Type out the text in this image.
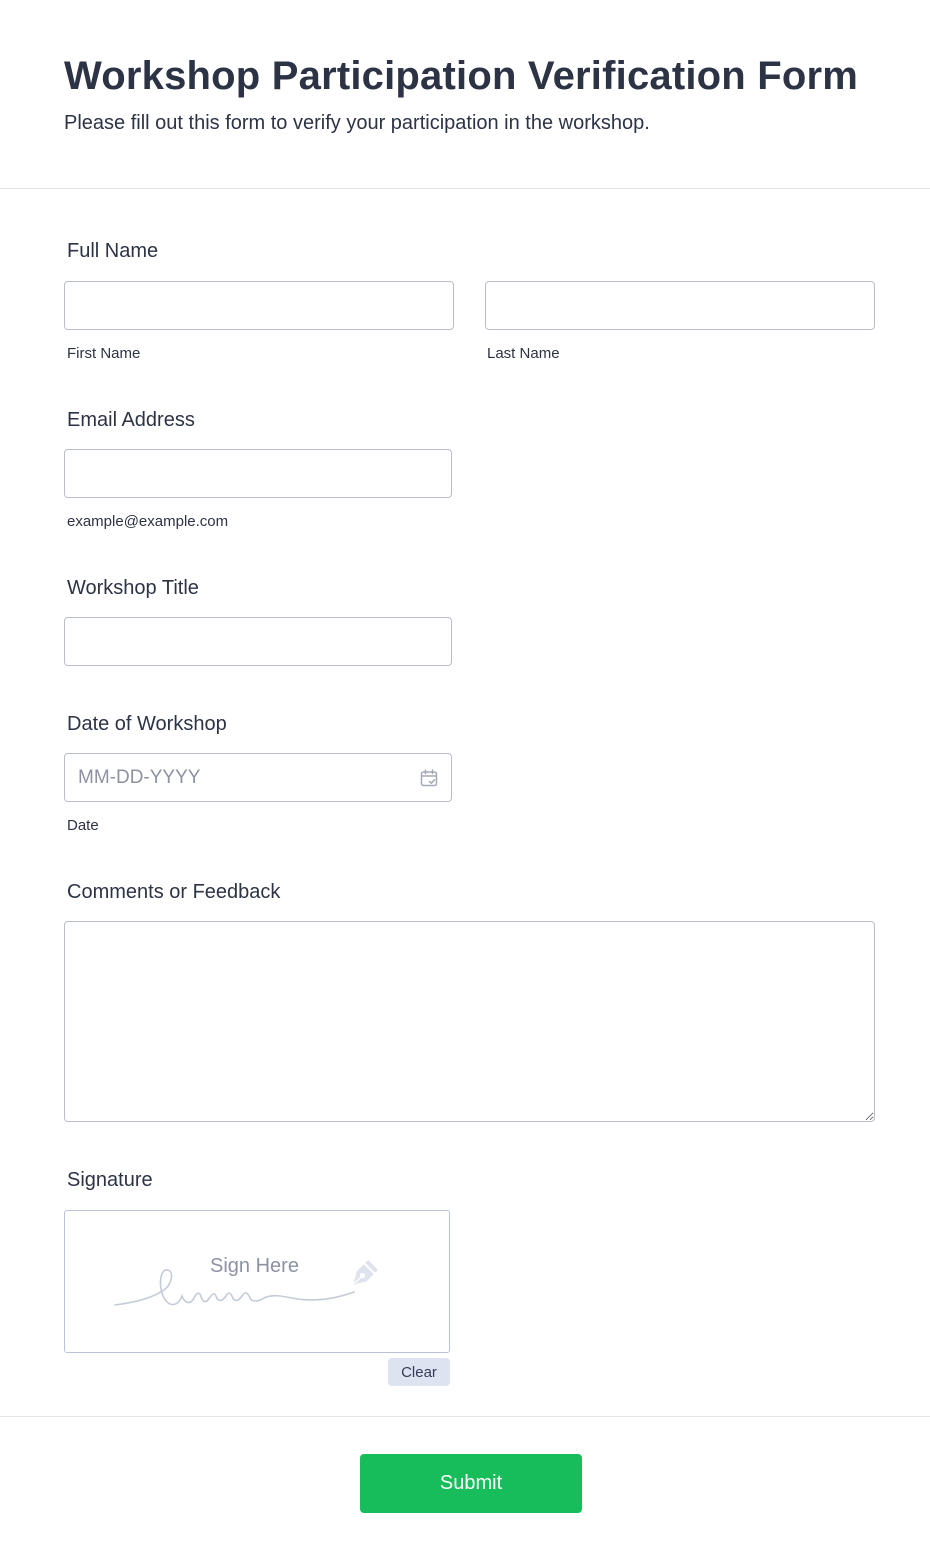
Workshop Participation Verification Form

Please fill out this form to verify your participation in the workshop.

Full Name
First Name	Last Name
Email Address
example@example.com
Workshop Title
Date of Workshop
MM-DD-YYYY
Date
Comments or Feedback
Signature
Sign Here
Clear
Submit
